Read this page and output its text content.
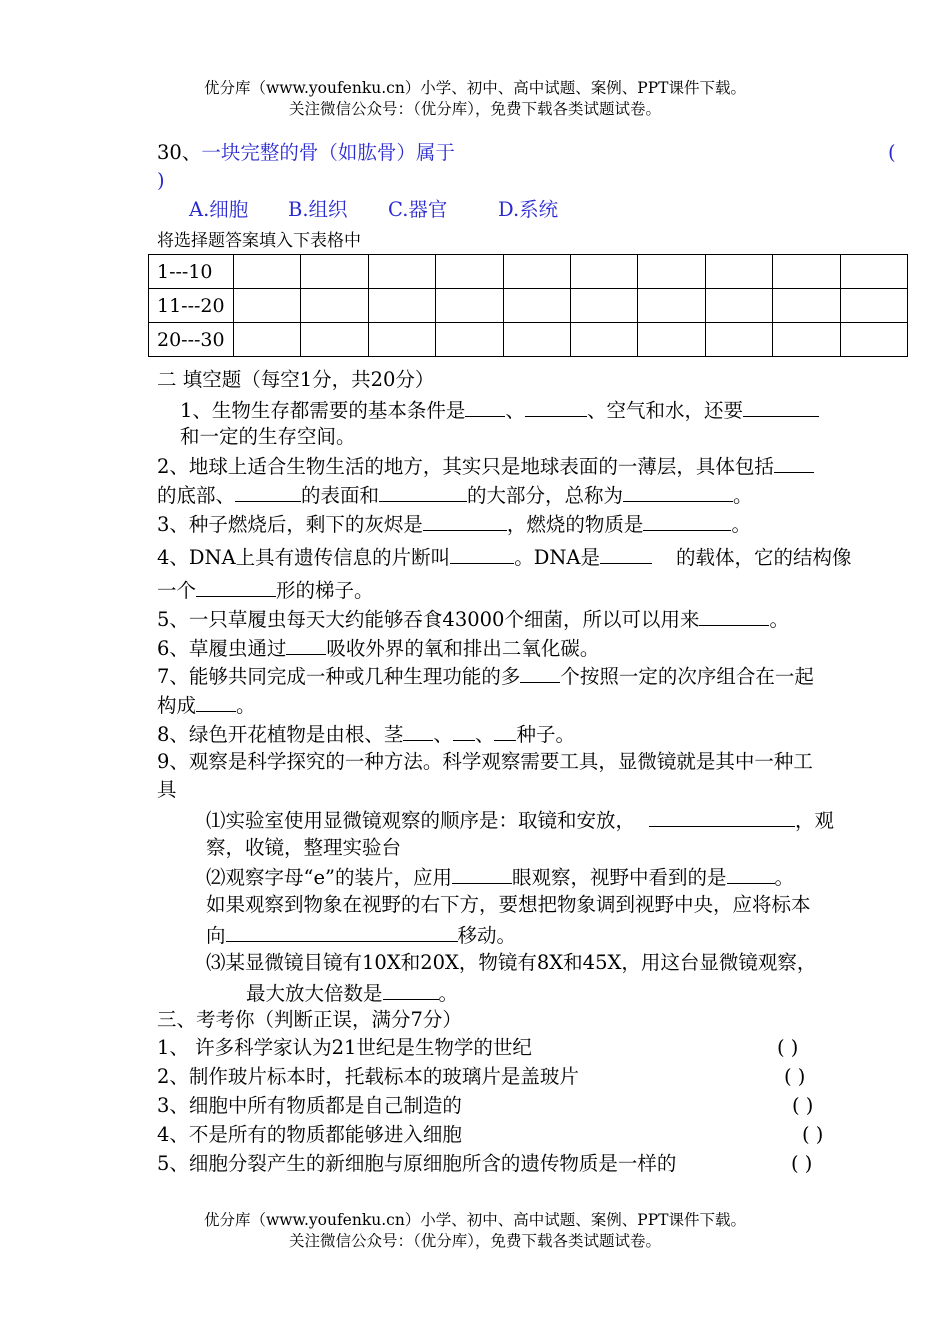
优分库（www.youfenku.cn）小学、初中、高中试题、案例、PPT课件下载。
关注微信公众号：（优分库），免费下载各类试题试卷。
30、一块完整的骨（如肱骨）属于	(
)
A.细胞 B.组织 C.器官	D.系统
将选择题答案填入下表格中
1---10										
11---20										
20---30										
二 填空题（每空1分，共20分）
1、生物生存都需要的基本条件是 、	、空气和水，还要
和一定的生存空间。
2、地球上适合生物生活的地方，其实只是地球表面的一薄层，具体包括
的底部、	的表面和	的大部分，总称为	。
3、种子燃烧后，剩下的灰烬是	，燃烧的物质是	。
4、DNA上具有遗传信息的片断叫	。DNA是	的载体，它的结构像
一个	形的梯子。
5、一只草履虫每天大约能够吞食43000个细菌，所以可以用来	。
6、草履虫通过 吸收外界的氧和排出二氧化碳。
7、能够共同完成一种或几种生理功能的多 个按照一定的次序组合在一起
构成 。
8、绿色开花植物是由根、茎 、 、 种子。
9、观察是科学探究的一种方法。科学观察需要工具，显微镜就是其中一种工
具
⑴实验室使用显微镜观察的顺序是：取镜和安放，	，观
察，收镜，整理实验台
⑵观察字母“e”的装片，应用	眼观察，视野中看到的是 。
如果观察到物象在视野的右下方，要想把物象调到视野中央，应将标本
向	移动。
⑶某显微镜目镜有10X和20X，物镜有8X和45X，用这台显微镜观察，
最大放大倍数是	。
三、考考你（判断正误，满分7分）
1、 许多科学家认为21世纪是生物学的世纪	( )
2、制作玻片标本时，托载标本的玻璃片是盖玻片	( )
3、细胞中所有物质都是自己制造的	( )
4、不是所有的物质都能够进入细胞	( )
5、细胞分裂产生的新细胞与原细胞所含的遗传物质是一样的	( )
优分库（www.youfenku.cn）小学、初中、高中试题、案例、PPT课件下载。
关注微信公众号：（优分库），免费下载各类试题试卷。
